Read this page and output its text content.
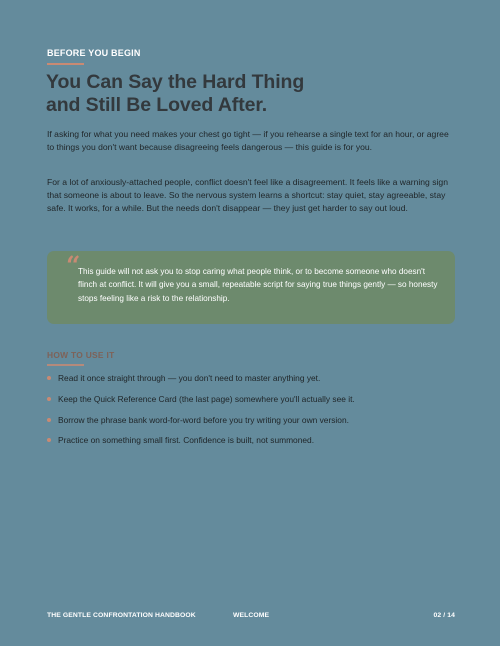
BEFORE YOU BEGIN
You Can Say the Hard Thing
and Still Be Loved After.

If asking for what you need makes your chest go tight — if you rehearse a single text for an hour, or agree to things you don't want because disagreeing feels dangerous — this guide is for you.

For a lot of anxiously-attached people, conflict doesn't feel like a disagreement. It feels like a warning sign that someone is about to leave. So the nervous system learns a shortcut: stay quiet, stay agreeable, stay safe. It works, for a while. But the needs don't disappear — they just get harder to say out loud.

“

This guide will not ask you to stop caring what people think, or to become someone who doesn't flinch at conflict. It will give you a small, repeatable script for saying true things gently — so honesty stops feeling like a risk to the relationship.

HOW TO USE IT
Read it once straight through — you don't need to master anything yet.
Keep the Quick Reference Card (the last page) somewhere you'll actually see it.
Borrow the phrase bank word-for-word before you try writing your own version.
Practice on something small first. Confidence is built, not summoned.
THE GENTLE CONFRONTATION HANDBOOK	WELCOME	02 / 14
